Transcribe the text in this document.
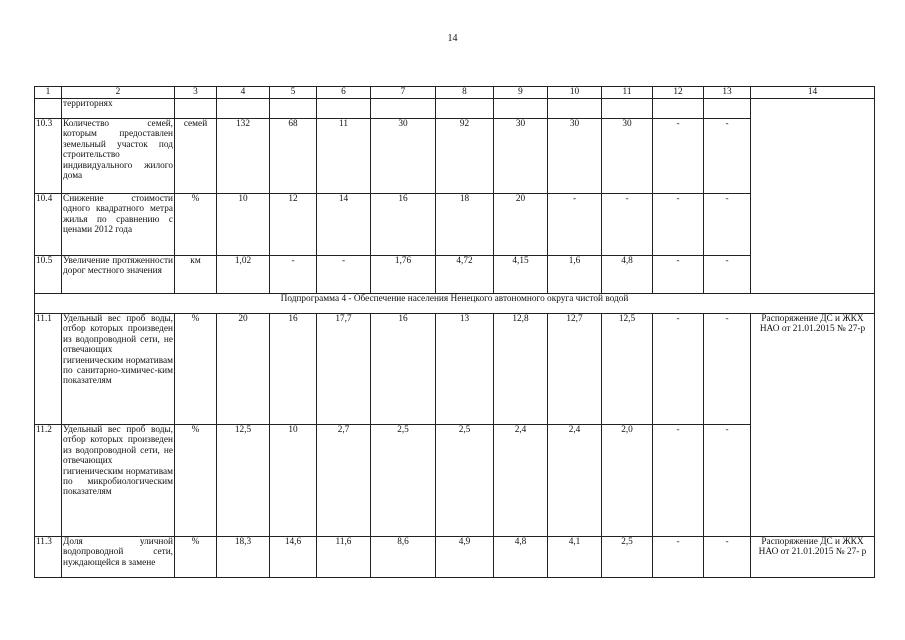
14
1	2	3	4	5	6	7	8	9	10	11	12	13	14
	территорнях												
10.3	Количество семей, которым предоставлен земельный участок под строительство индивидуального жилого дома	семей	132	68	11	30	92	30	30	30	-	-	
10.4	Снижение стоимости одного квадратного метра жилья по сравнению с ценами 2012 года	%	10	12	14	16	18	20	-	-	-	-	
10.5	Увеличение протяженности дорог местного значения	км	1,02	-	-	1,76	4,72	4,15	1,6	4,8	-	-	
Подпрограмма 4 - Обеспечение населения Ненецкого автономного округа чистой водой													
11.1	Удельный вес проб воды, отбор которых произведен из водопроводной сети, не отвечающих гигиеническим нормативам по санитарно-химичес-ким показателям	%	20	16	17,7	16	13	12,8	12,7	12,5	-	-	Распоряжение ДС и ЖКХ НАО от 21.01.2015 № 27-р
11.2	Удельный вес проб воды, отбор которых произведен из водопроводной сети, не отвечающих гигиеническим нормативам по микробиологическим показателям	%	12,5	10	2,7	2,5	2,5	2,4	2,4	2,0	-	-	
11.3	Доля уличной водопроводной сети, нуждающейся в замене	%	18,3	14,6	11,6	8,6	4,9	4,8	4,1	2,5	-	-	Распоряжение ДС и ЖКХ НАО от 21.01.2015 № 27- р
